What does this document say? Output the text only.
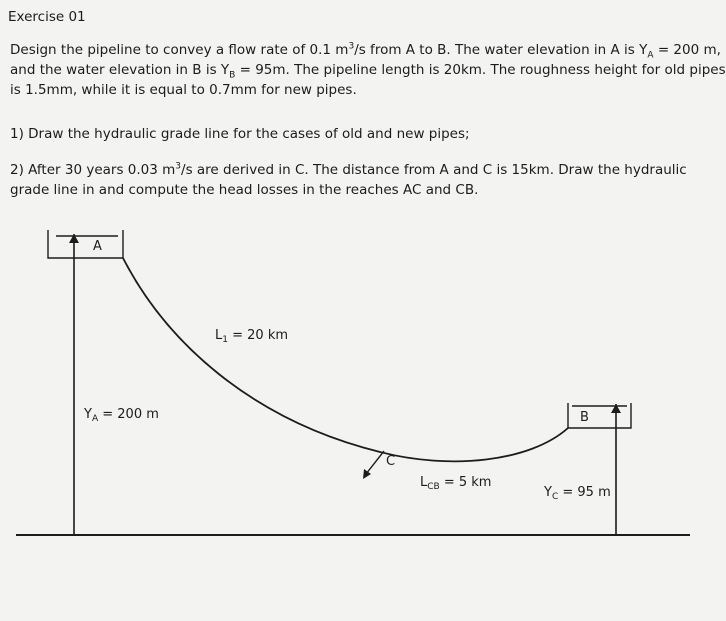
Exercise 01
Design the pipeline to convey a flow rate of 0.1 $m^3/s$ from A to B. The water elevation in A is $Y_A = 200$ m,
and the water elevation in B is $Y_B = 95m$. The pipeline length is 20km. The roughness height for old pipes
is 1.5mm, while it is equal to 0.7mm for new pipes.
1) Draw the hydraulic grade line for the cases of old and new pipes;
2) After 30 years 0.03 $m^3/s$ are derived in C. The distance from A and C is 15km. Draw the hydraulic
grade line in and compute the head losses in the reaches AC and CB.
A
B
C
$Y_A = 200$ m
$L_1 = 20$ km
$L_{CB} = 5$ km
$Y_C = 95$ m
